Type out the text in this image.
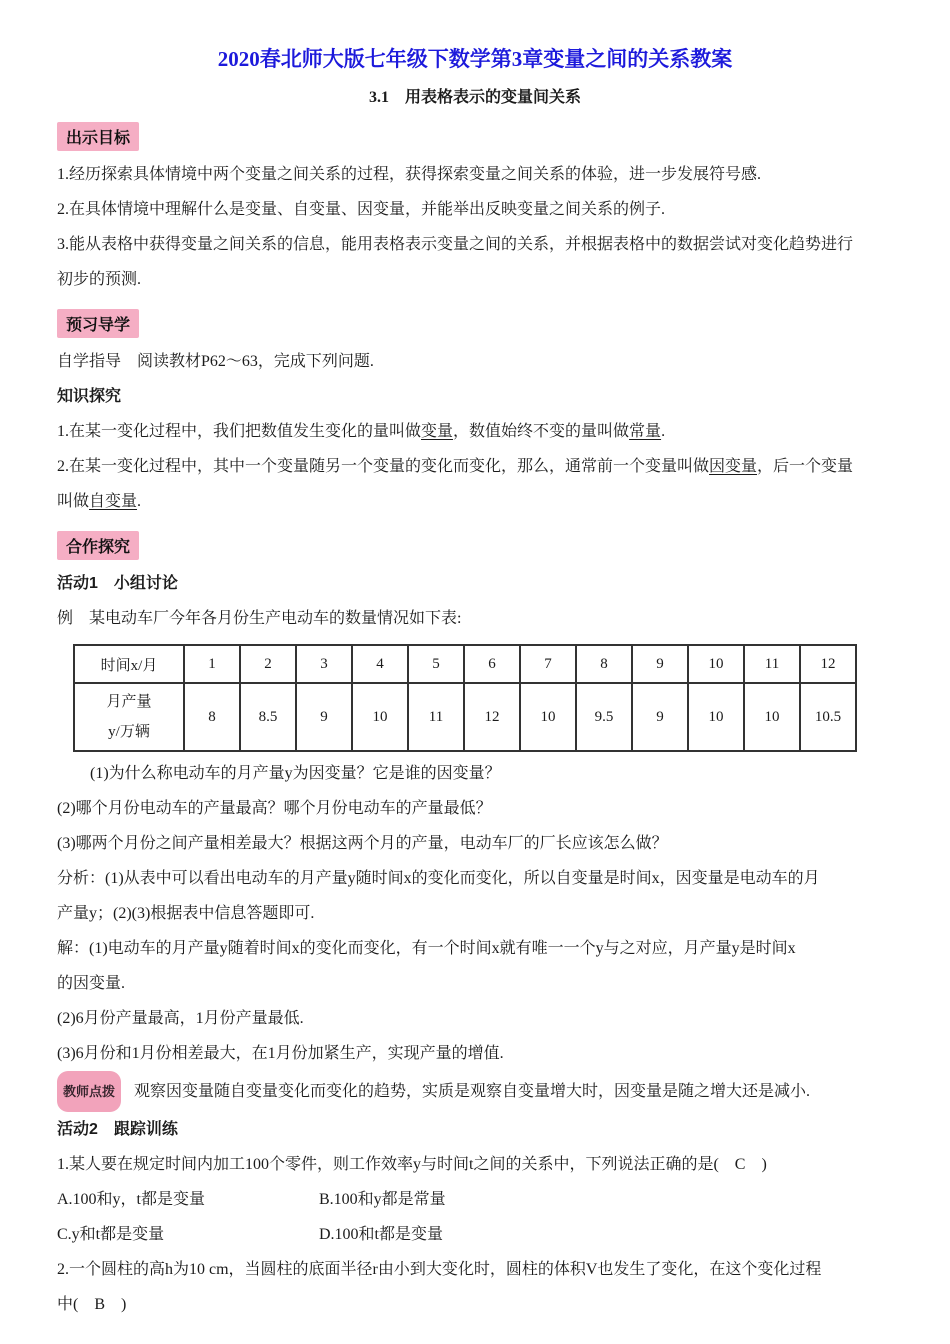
2020春北师大版七年级下数学第3章变量之间的关系教案
3.1　用表格表示的变量间关系
出示目标
1.经历探索具体情境中两个变量之间关系的过程，获得探索变量之间关系的体验，进一步发展符号感.
2.在具体情境中理解什么是变量、自变量、因变量，并能举出反映变量之间关系的例子.
3.能从表格中获得变量之间关系的信息，能用表格表示变量之间的关系，并根据表格中的数据尝试对变化趋势进行
初步的预测.
预习导学
自学指导　阅读教材P62～63，完成下列问题.
知识探究
1.在某一变化过程中，我们把数值发生变化的量叫做变量，数值始终不变的量叫做常量.
2.在某一变化过程中，其中一个变量随另一个变量的变化而变化，那么，通常前一个变量叫做因变量，后一个变量
叫做自变量.
合作探究
活动1　小组讨论
例　某电动车厂今年各月份生产电动车的数量情况如下表:
时间x/月	1	2	3	4	5	6	7	8	9	10	11	12

月产量
y/万辆	8	8.5	9	10	11	12	10	9.5	9	10	10	10.5
(1)为什么称电动车的月产量y为因变量？它是谁的因变量？
(2)哪个月份电动车的产量最高？哪个月份电动车的产量最低？
(3)哪两个月份之间产量相差最大？根据这两个月的产量，电动车厂的厂长应该怎么做？
分析：(1)从表中可以看出电动车的月产量y随时间x的变化而变化，所以自变量是时间x，因变量是电动车的月
产量y；(2)(3)根据表中信息答题即可.
解：(1)电动车的月产量y随着时间x的变化而变化，有一个时间x就有唯一一个y与之对应，月产量y是时间x
的因变量.
(2)6月份产量最高，1月份产量最低.
(3)6月份和1月份相差最大，在1月份加紧生产，实现产量的增值.
教师点拨	观察因变量随自变量变化而变化的趋势，实质是观察自变量增大时，因变量是随之增大还是减小.
活动2　跟踪训练
1.某人要在规定时间内加工100个零件，则工作效率y与时间t之间的关系中，下列说法正确的是(　C　)
A.100和y，t都是变量	B.100和y都是常量
C.y和t都是变量	D.100和t都是变量
2.一个圆柱的高h为10 cm，当圆柱的底面半径r由小到大变化时，圆柱的体积V也发生了变化，在这个变化过程
中(　B　)
